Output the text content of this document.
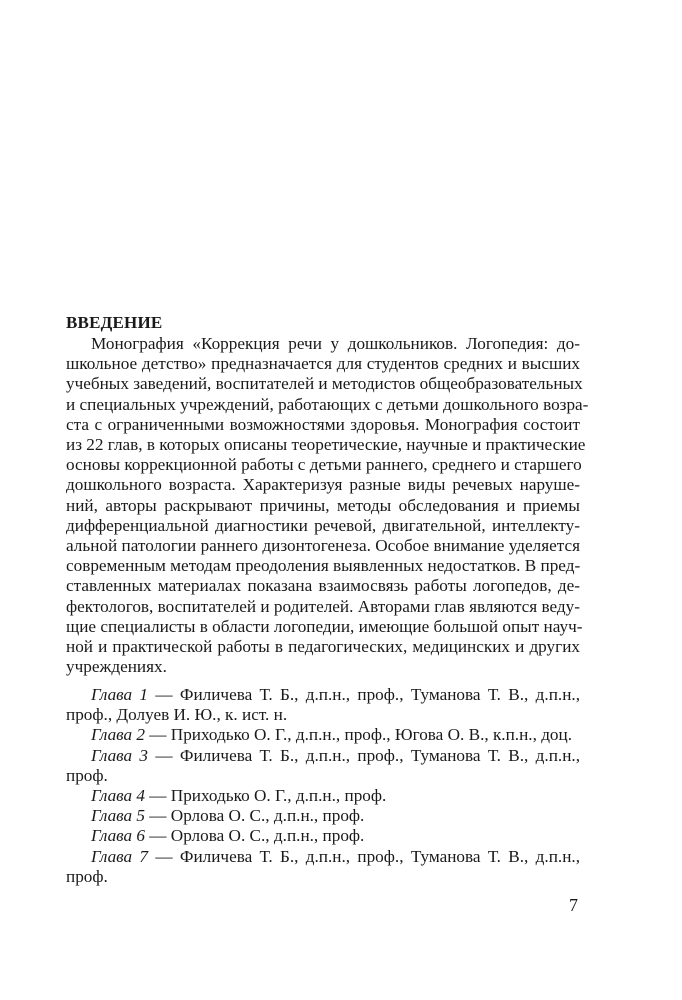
ВВЕДЕНИЕ
Монография «Коррекция речи у дошкольников. Логопедия: до-
школьное детство» предназначается для студентов средних и высших
учебных заведений, воспитателей и методистов общеобразовательных
и специальных учреждений, работающих с детьми дошкольного возра-
ста с ограниченными возможностями здоровья. Монография состоит
из 22 глав, в которых описаны теоретические, научные и практические
основы коррекционной работы с детьми раннего, среднего и старшего
дошкольного возраста. Характеризуя разные виды речевых наруше-
ний, авторы раскрывают причины, методы обследования и приемы
дифференциальной диагностики речевой, двигательной, интеллекту-
альной патологии раннего дизонтогенеза. Особое внимание уделяется
современным методам преодоления выявленных недостатков. В пред-
ставленных материалах показана взаимосвязь работы логопедов, де-
фектологов, воспитателей и родителей. Авторами глав являются веду-
щие специалисты в области логопедии, имеющие большой опыт науч-
ной и практической работы в педагогических, медицинских и других
учреждениях.
Глава 1 — Филичева Т. Б., д.п.н., проф., Туманова Т. В., д.п.н.,
проф., Долуев И. Ю., к. ист. н.
Глава 2 — Приходько О. Г., д.п.н., проф., Югова О. В., к.п.н., доц.
Глава 3 — Филичева Т. Б., д.п.н., проф., Туманова Т. В., д.п.н.,
проф.
Глава 4 — Приходько О. Г., д.п.н., проф.
Глава 5 — Орлова О. С., д.п.н., проф.
Глава 6 — Орлова О. С., д.п.н., проф.
Глава 7 — Филичева Т. Б., д.п.н., проф., Туманова Т. В., д.п.н.,
проф.
7
